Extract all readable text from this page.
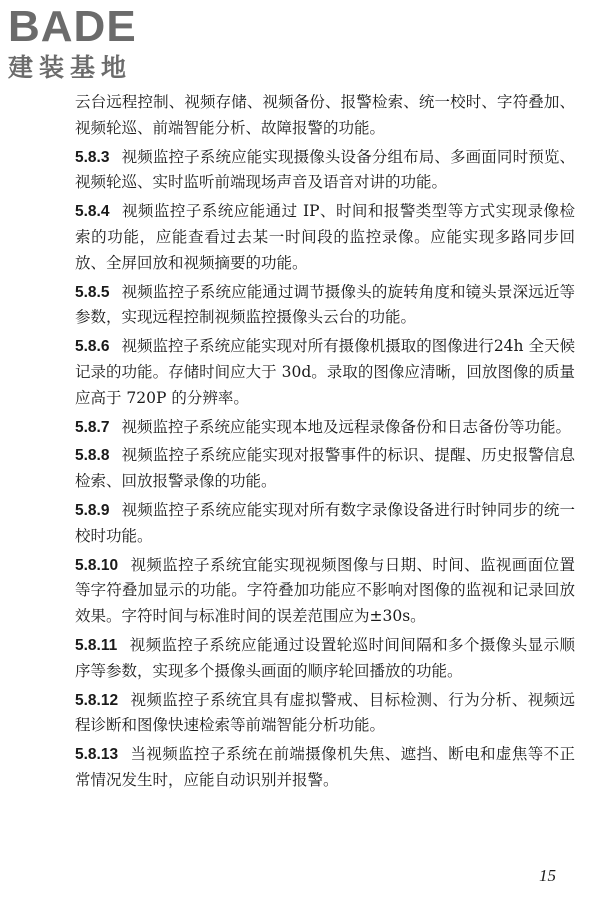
BADE
建装基地

云台远程控制、视频存储、视频备份、报警检索、统一校时、字符叠加、视频轮巡、前端智能分析、故障报警的功能。

5.8.3 视频监控子系统应能实现摄像头设备分组布局、多画面同时预览、视频轮巡、实时监听前端现场声音及语音对讲的功能。

5.8.4 视频监控子系统应能通过 IP、时间和报警类型等方式实现录像检索的功能，应能查看过去某一时间段的监控录像。应能实现多路同步回放、全屏回放和视频摘要的功能。

5.8.5 视频监控子系统应能通过调节摄像头的旋转角度和镜头景深远近等参数，实现远程控制视频监控摄像头云台的功能。

5.8.6 视频监控子系统应能实现对所有摄像机摄取的图像进行24h 全天候记录的功能。存储时间应大于 30d。录取的图像应清晰，回放图像的质量应高于 720P 的分辨率。

5.8.7 视频监控子系统应能实现本地及远程录像备份和日志备份等功能。

5.8.8 视频监控子系统应能实现对报警事件的标识、提醒、历史报警信息检索、回放报警录像的功能。

5.8.9 视频监控子系统应能实现对所有数字录像设备进行时钟同步的统一校时功能。

5.8.10 视频监控子系统宜能实现视频图像与日期、时间、监视画面位置等字符叠加显示的功能。字符叠加功能应不影响对图像的监视和记录回放效果。字符时间与标准时间的误差范围应为±30s。

5.8.11 视频监控子系统应能通过设置轮巡时间间隔和多个摄像头显示顺序等参数，实现多个摄像头画面的顺序轮回播放的功能。

5.8.12 视频监控子系统宜具有虚拟警戒、目标检测、行为分析、视频远程诊断和图像快速检索等前端智能分析功能。

5.8.13 当视频监控子系统在前端摄像机失焦、遮挡、断电和虚焦等不正常情况发生时，应能自动识别并报警。

15
